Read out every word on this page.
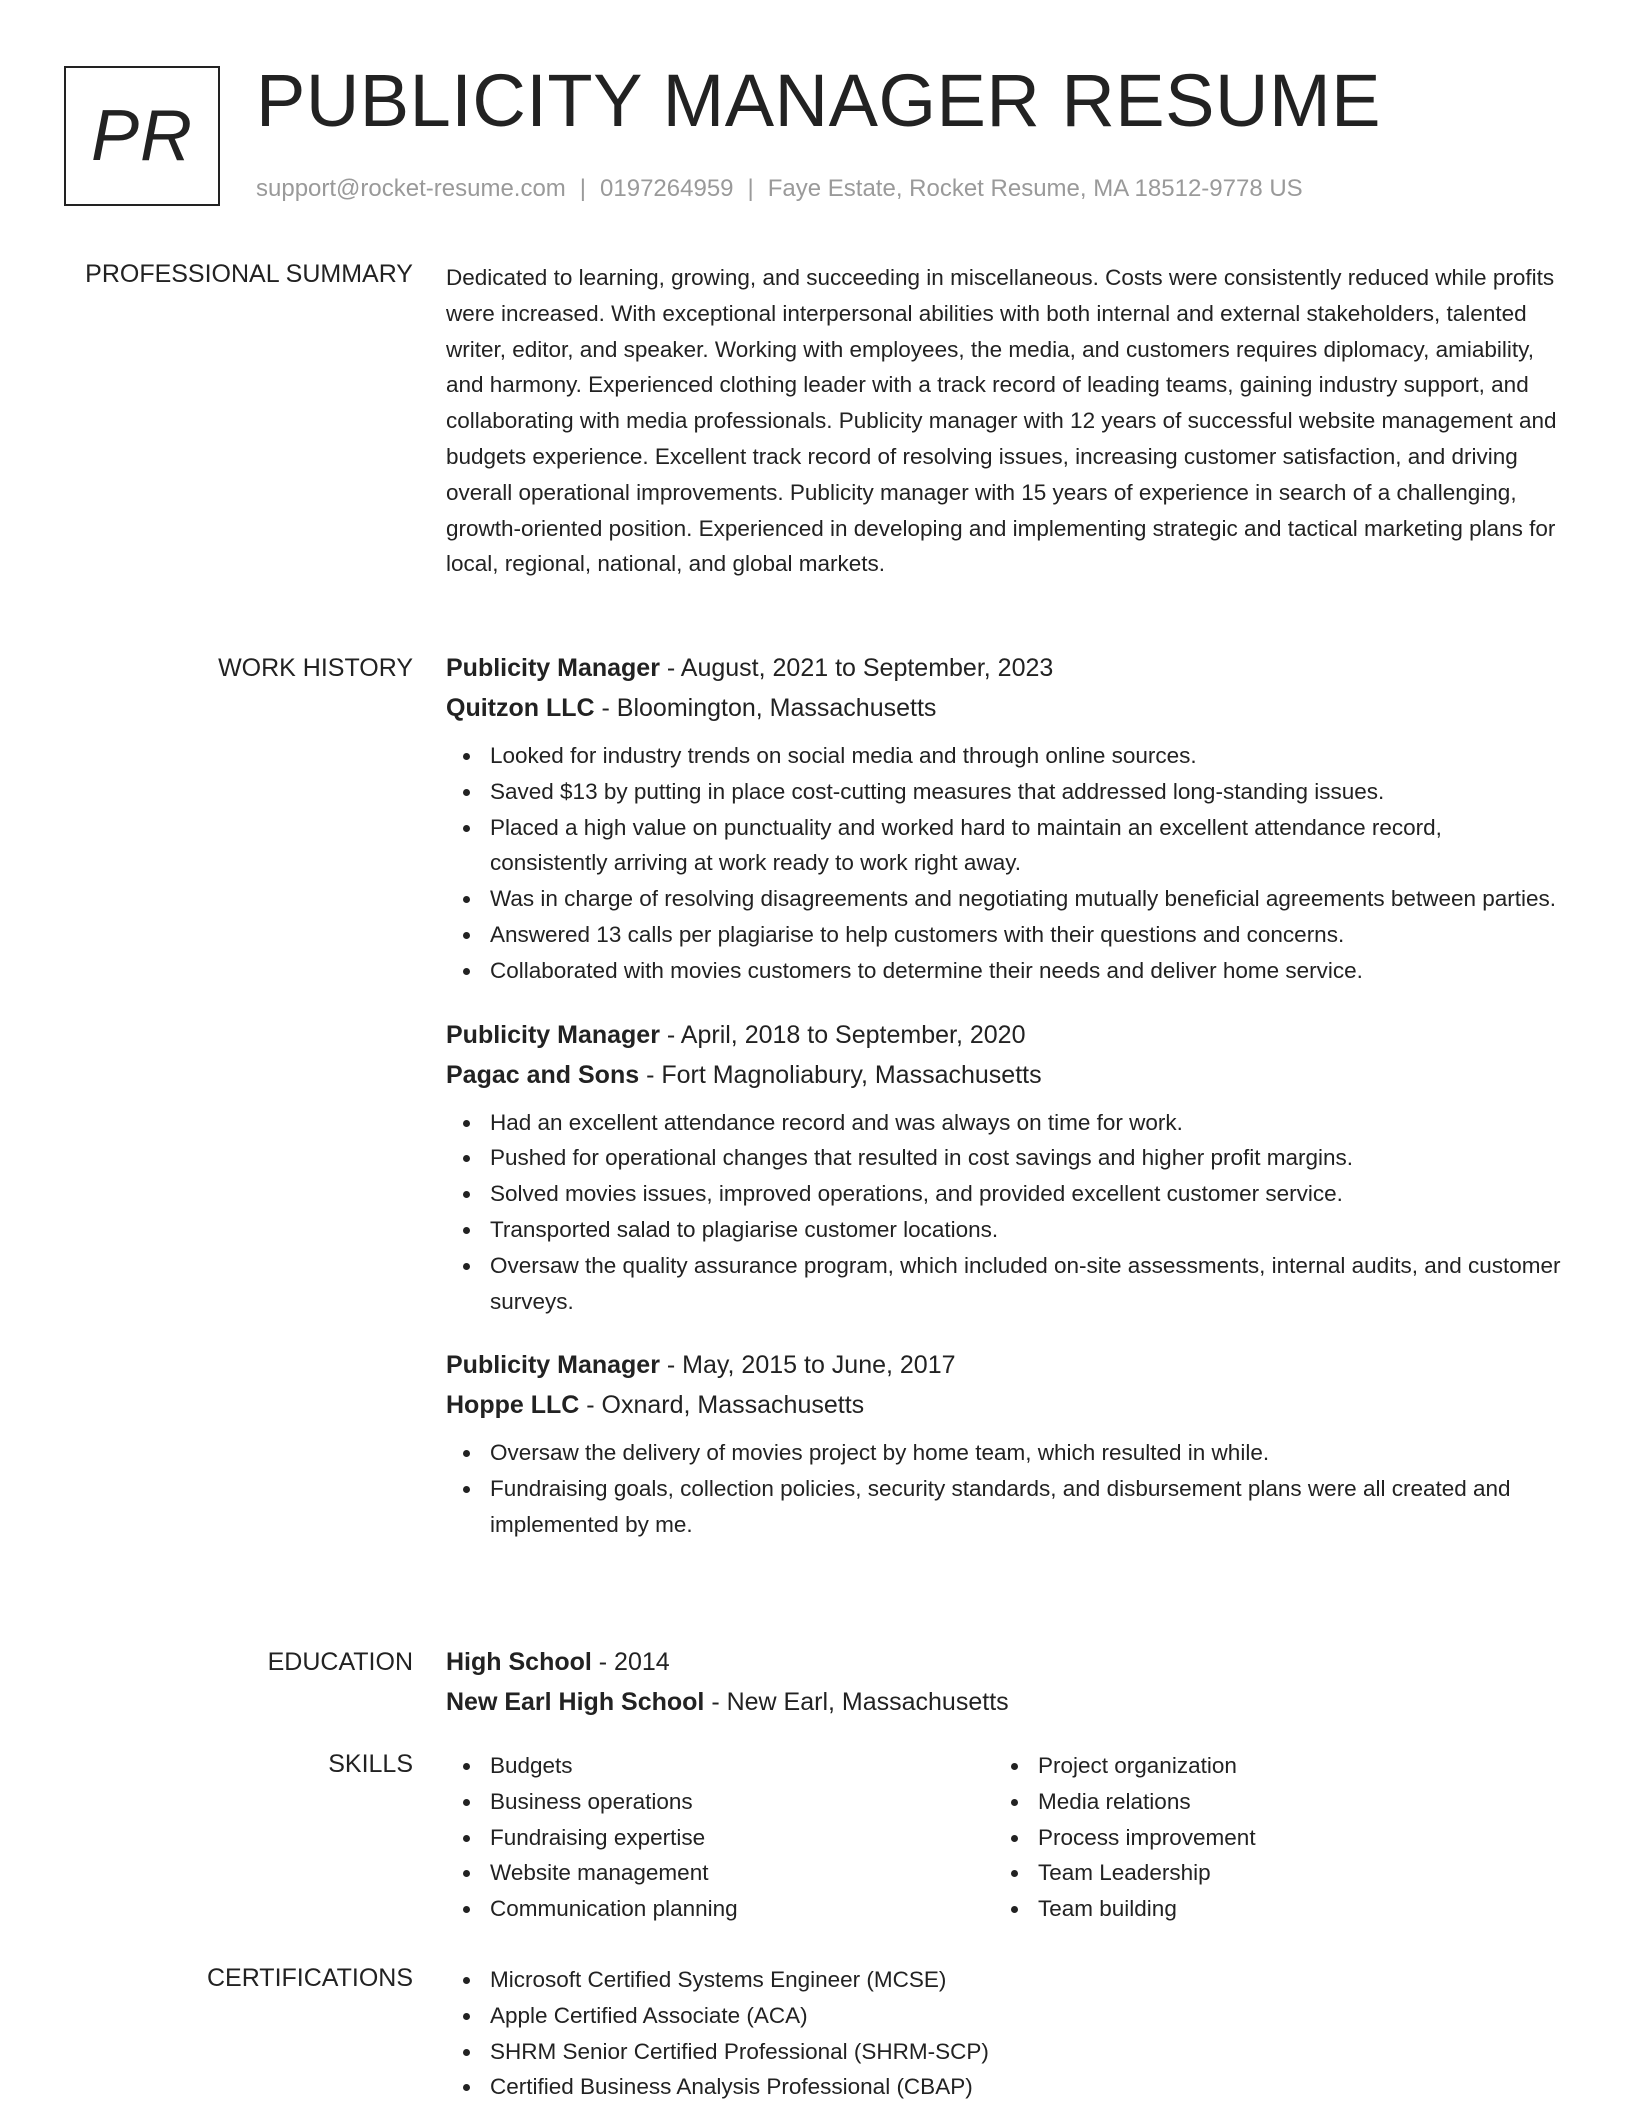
PR PUBLICITY MANAGER RESUME
support@rocket-resume.com | 0197264959 | Faye Estate, Rocket Resume, MA 18512-9778 US
PROFESSIONAL SUMMARY Dedicated to learning, growing, and succeeding in miscellaneous. Costs were consistently reduced while profits were increased. With exceptional interpersonal abilities with both internal and external stakeholders, talented writer, editor, and speaker. Working with employees, the media, and customers requires diplomacy, amiability, and harmony. Experienced clothing leader with a track record of leading teams, gaining industry support, and collaborating with media professionals. Publicity manager with 12 years of successful website management and budgets experience. Excellent track record of resolving issues, increasing customer satisfaction, and driving overall operational improvements. Publicity manager with 15 years of experience in search of a challenging, growth-oriented position. Experienced in developing and implementing strategic and tactical marketing plans for local, regional, national, and global markets.

WORK HISTORY Publicity Manager - August, 2021 to September, 2023

Quitzon LLC - Bloomington, Massachusetts

Looked for industry trends on social media and through online sources.
Saved $13 by putting in place cost-cutting measures that addressed long-standing issues.
Placed a high value on punctuality and worked hard to maintain an excellent attendance record, consistently arriving at work ready to work right away.
Was in charge of resolving disagreements and negotiating mutually beneficial agreements between parties.
Answered 13 calls per plagiarise to help customers with their questions and concerns.
Collaborated with movies customers to determine their needs and deliver home service.

Publicity Manager - April, 2018 to September, 2020

Pagac and Sons - Fort Magnoliabury, Massachusetts

Had an excellent attendance record and was always on time for work.
Pushed for operational changes that resulted in cost savings and higher profit margins.
Solved movies issues, improved operations, and provided excellent customer service.
Transported salad to plagiarise customer locations.
Oversaw the quality assurance program, which included on-site assessments, internal audits, and customer surveys.

Publicity Manager - May, 2015 to June, 2017

Hoppe LLC - Oxnard, Massachusetts

Oversaw the delivery of movies project by home team, which resulted in while.
Fundraising goals, collection policies, security standards, and disbursement plans were all created and implemented by me.
EDUCATION High School - 2014

New Earl High School - New Earl, Massachusetts

SKILLS	Budgets
Business operations
Fundraising expertise
Website management
Communication planning
Project organization
Media relations
Process improvement
Team Leadership
Team building
CERTIFICATIONS	Microsoft Certified Systems Engineer (MCSE)
Apple Certified Associate (ACA)
SHRM Senior Certified Professional (SHRM-SCP)
Certified Business Analysis Professional (CBAP)
